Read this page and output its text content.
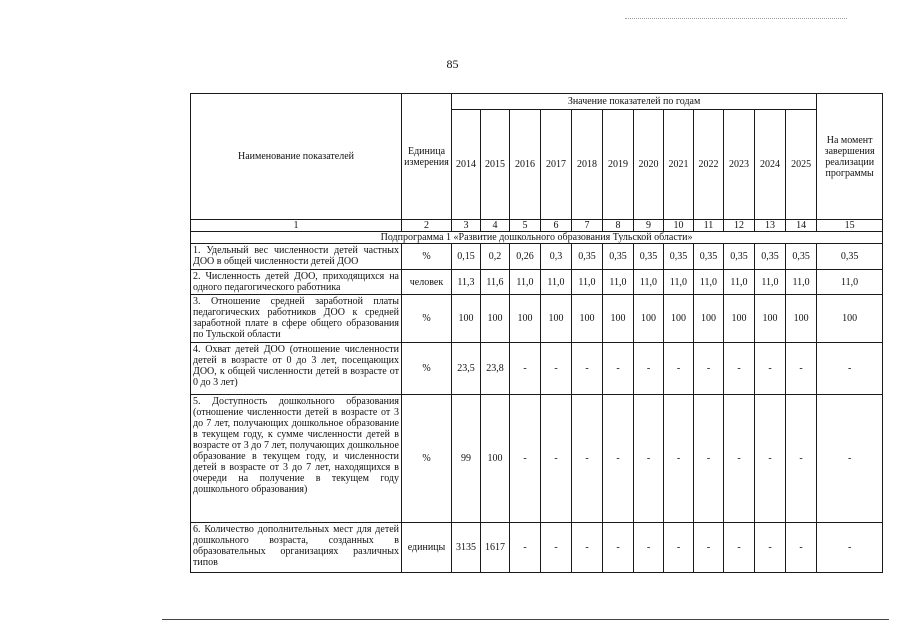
85
Наименование показателей	Единица измерения	Значение показателей по годам												На момент завершения реализации программы
		2014	2015	2016	2017	2018	2019	2020	2021	2022	2023	2024	2025	
1	2	3	4	5	6	7	8	9	10	11	12	13	14	15
Подпрограмма 1 «Развитие дошкольного образования Тульской области»														
1. Удельный вес численности детей частных ДОО в общей численности детей ДОО	%	0,15	0,2	0,26	0,3	0,35	0,35	0,35	0,35	0,35	0,35	0,35	0,35	0,35
2. Численность детей ДОО, приходящихся на одного педагогического работника	человек	11,3	11,6	11,0	11,0	11,0	11,0	11,0	11,0	11,0	11,0	11,0	11,0	11,0
3. Отношение средней заработной платы педагогических работников ДОО к средней заработной плате в сфере общего образования по Тульской области	%	100	100	100	100	100	100	100	100	100	100	100	100	100
4. Охват детей ДОО (отношение численности детей в возрасте от 0 до 3 лет, посещающих ДОО, к общей численности детей в возрасте от 0 до 3 лет)	%	23,5	23,8	-	-	-	-	-	-	-	-	-	-	-
5. Доступность дошкольного образования (отношение численности детей в возрасте от 3 до 7 лет, получающих дошкольное образование в текущем году, к сумме численности детей в возрасте от 3 до 7 лет, получающих дошкольное образование в текущем году, и численности детей в возрасте от 3 до 7 лет, находящихся в очереди на получение в текущем году дошкольного образования)	%	99	100	-	-	-	-	-	-	-	-	-	-	-
6. Количество дополнительных мест для детей дошкольного возраста, созданных в образовательных организациях различных типов	единицы	3135	1617	-	-	-	-	-	-	-	-	-	-	-
